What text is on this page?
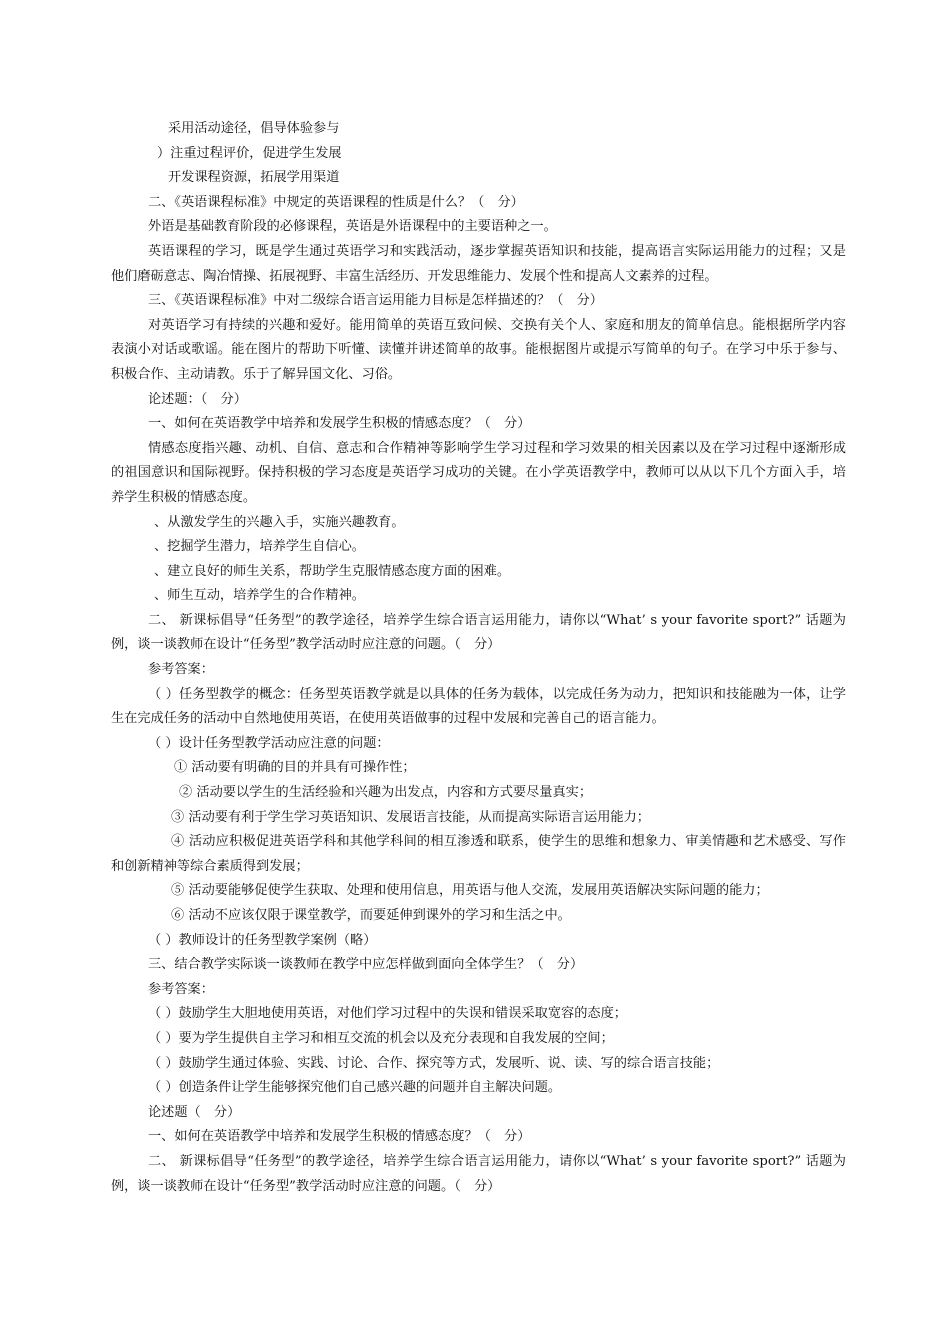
采用活动途径，倡导体验参与

）注重过程评价，促进学生发展

开发课程资源，拓展学用渠道

二、《英语课程标准》中规定的英语课程的性质是什么？（　分）

外语是基础教育阶段的必修课程，英语是外语课程中的主要语种之一。

英语课程的学习，既是学生通过英语学习和实践活动，逐步掌握英语知识和技能，提高语言实际运用能力的过程；又是他们磨砺意志、陶冶情操、拓展视野、丰富生活经历、开发思维能力、发展个性和提高人文素养的过程。

三、《英语课程标准》中对二级综合语言运用能力目标是怎样描述的？（　分）

对英语学习有持续的兴趣和爱好。能用简单的英语互致问候、交换有关个人、家庭和朋友的简单信息。能根据所学内容表演小对话或歌谣。能在图片的帮助下听懂、读懂并讲述简单的故事。能根据图片或提示写简单的句子。在学习中乐于参与、积极合作、主动请教。乐于了解异国文化、习俗。

论述题：（　分）

一、如何在英语教学中培养和发展学生积极的情感态度？（　分）

情感态度指兴趣、动机、自信、意志和合作精神等影响学生学习过程和学习效果的相关因素以及在学习过程中逐渐形成的祖国意识和国际视野。保持积极的学习态度是英语学习成功的关键。在小学英语教学中，教师可以从以下几个方面入手，培养学生积极的情感态度。

、从激发学生的兴趣入手，实施兴趣教育。

、挖掘学生潜力，培养学生自信心。

、建立良好的师生关系，帮助学生克服情感态度方面的困难。

、师生互动，培养学生的合作精神。

二、 新课标倡导“任务型”的教学途径，培养学生综合语言运用能力，请你以“What’ s your favorite sport?” 话题为例，谈一谈教师在设计“任务型”教学活动时应注意的问题。（　分）

参考答案：

（ ）任务型教学的概念：任务型英语教学就是以具体的任务为载体，以完成任务为动力，把知识和技能融为一体，让学生在完成任务的活动中自然地使用英语，在使用英语做事的过程中发展和完善自己的语言能力。

（ ）设计任务型教学活动应注意的问题：

① 活动要有明确的目的并具有可操作性；

② 活动要以学生的生活经验和兴趣为出发点，内容和方式要尽量真实；

③ 活动要有利于学生学习英语知识、发展语言技能，从而提高实际语言运用能力；

④ 活动应积极促进英语学科和其他学科间的相互渗透和联系，使学生的思维和想象力、审美情趣和艺术感受、写作和创新精神等综合素质得到发展；

⑤ 活动要能够促使学生获取、处理和使用信息，用英语与他人交流，发展用英语解决实际问题的能力；

⑥ 活动不应该仅限于课堂教学，而要延伸到课外的学习和生活之中。

（ ）教师设计的任务型教学案例（略）

三、结合教学实际谈一谈教师在教学中应怎样做到面向全体学生？（　分）

参考答案：

（ ）鼓励学生大胆地使用英语，对他们学习过程中的失误和错误采取宽容的态度；

（ ）要为学生提供自主学习和相互交流的机会以及充分表现和自我发展的空间；

（ ）鼓励学生通过体验、实践、讨论、合作、探究等方式，发展听、说、读、写的综合语言技能；

（ ）创造条件让学生能够探究他们自己感兴趣的问题并自主解决问题。

论述题（　分）

一、如何在英语教学中培养和发展学生积极的情感态度？（　分）

二、 新课标倡导“任务型”的教学途径，培养学生综合语言运用能力，请你以“What’ s your favorite sport?” 话题为例，谈一谈教师在设计“任务型”教学活动时应注意的问题。（　分）
